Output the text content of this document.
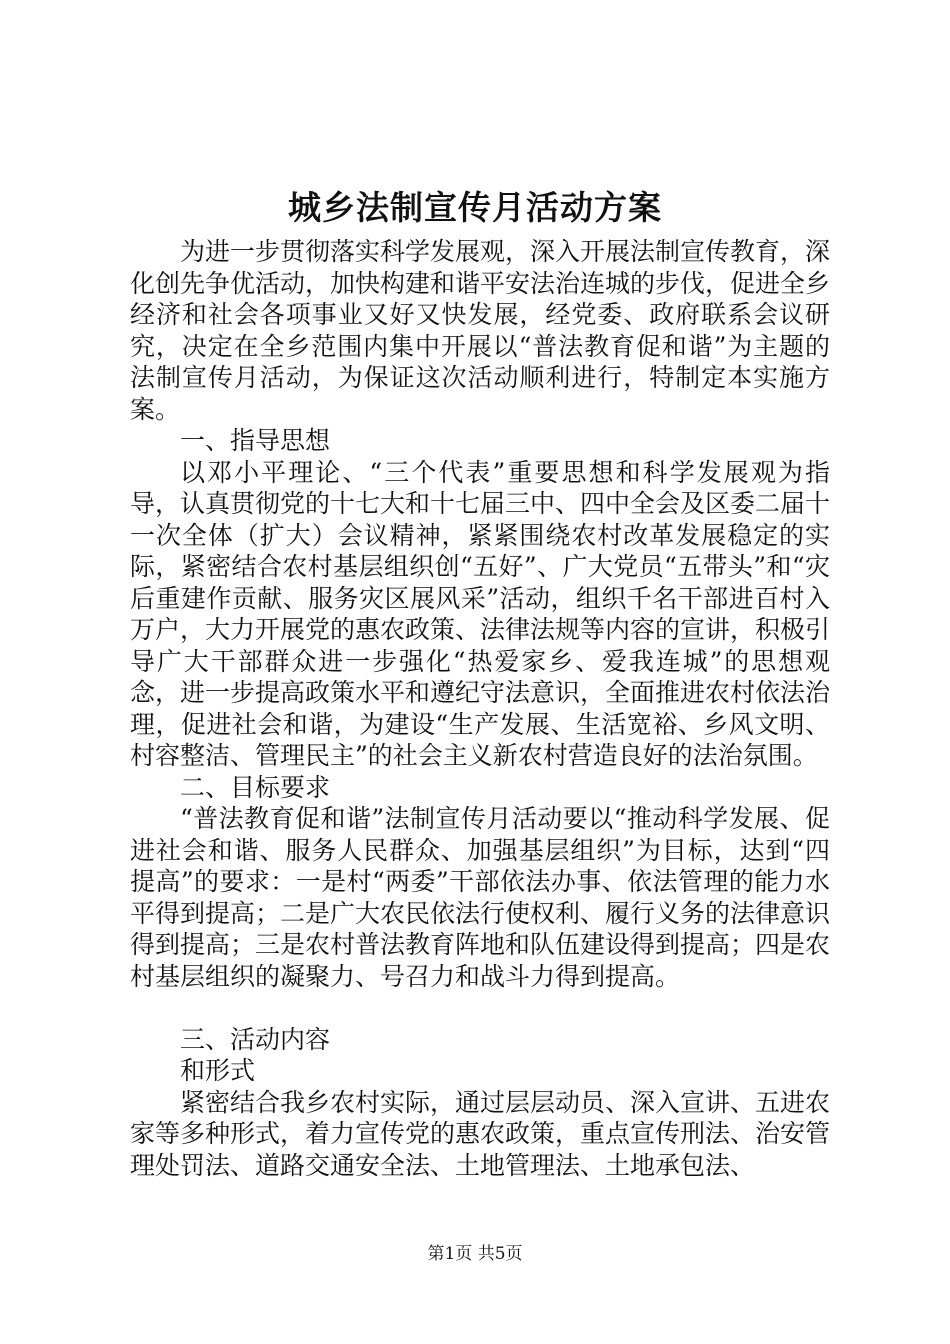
城乡法制宣传月活动方案

为进一步贯彻落实科学发展观，深入开展法制宣传教育，深化创先争优活动，加快构建和谐平安法治连城的步伐，促进全乡经济和社会各项事业又好又快发展，经党委、政府联系会议研究，决定在全乡范围内集中开展以“普法教育促和谐”为主题的法制宣传月活动，为保证这次活动顺利进行，特制定本实施方案。

一、指导思想

以邓小平理论、“三个代表”重要思想和科学发展观为指导，认真贯彻党的十七大和十七届三中、四中全会及区委二届十一次全体（扩大）会议精神，紧紧围绕农村改革发展稳定的实际，紧密结合农村基层组织创“五好”、广大党员“五带头”和“灾后重建作贡献、服务灾区展风采”活动，组织千名干部进百村入万户，大力开展党的惠农政策、法律法规等内容的宣讲，积极引导广大干部群众进一步强化“热爱家乡、爱我连城”的思想观念，进一步提高政策水平和遵纪守法意识，全面推进农村依法治理，促进社会和谐，为建设“生产发展、生活宽裕、乡风文明、村容整洁、管理民主”的社会主义新农村营造良好的法治氛围。

二、目标要求

“普法教育促和谐”法制宣传月活动要以“推动科学发展、促进社会和谐、服务人民群众、加强基层组织”为目标，达到“四提高”的要求：一是村“两委”干部依法办事、依法管理的能力水平得到提高；二是广大农民依法行使权利、履行义务的法律意识得到提高；三是农村普法教育阵地和队伍建设得到提高；四是农村基层组织的凝聚力、号召力和战斗力得到提高。

三、活动内容

和形式

紧密结合我乡农村实际，通过层层动员、深入宣讲、五进农家等多种形式，着力宣传党的惠农政策，重点宣传刑法、治安管理处罚法、道路交通安全法、土地管理法、土地承包法、

第1页 共5页
